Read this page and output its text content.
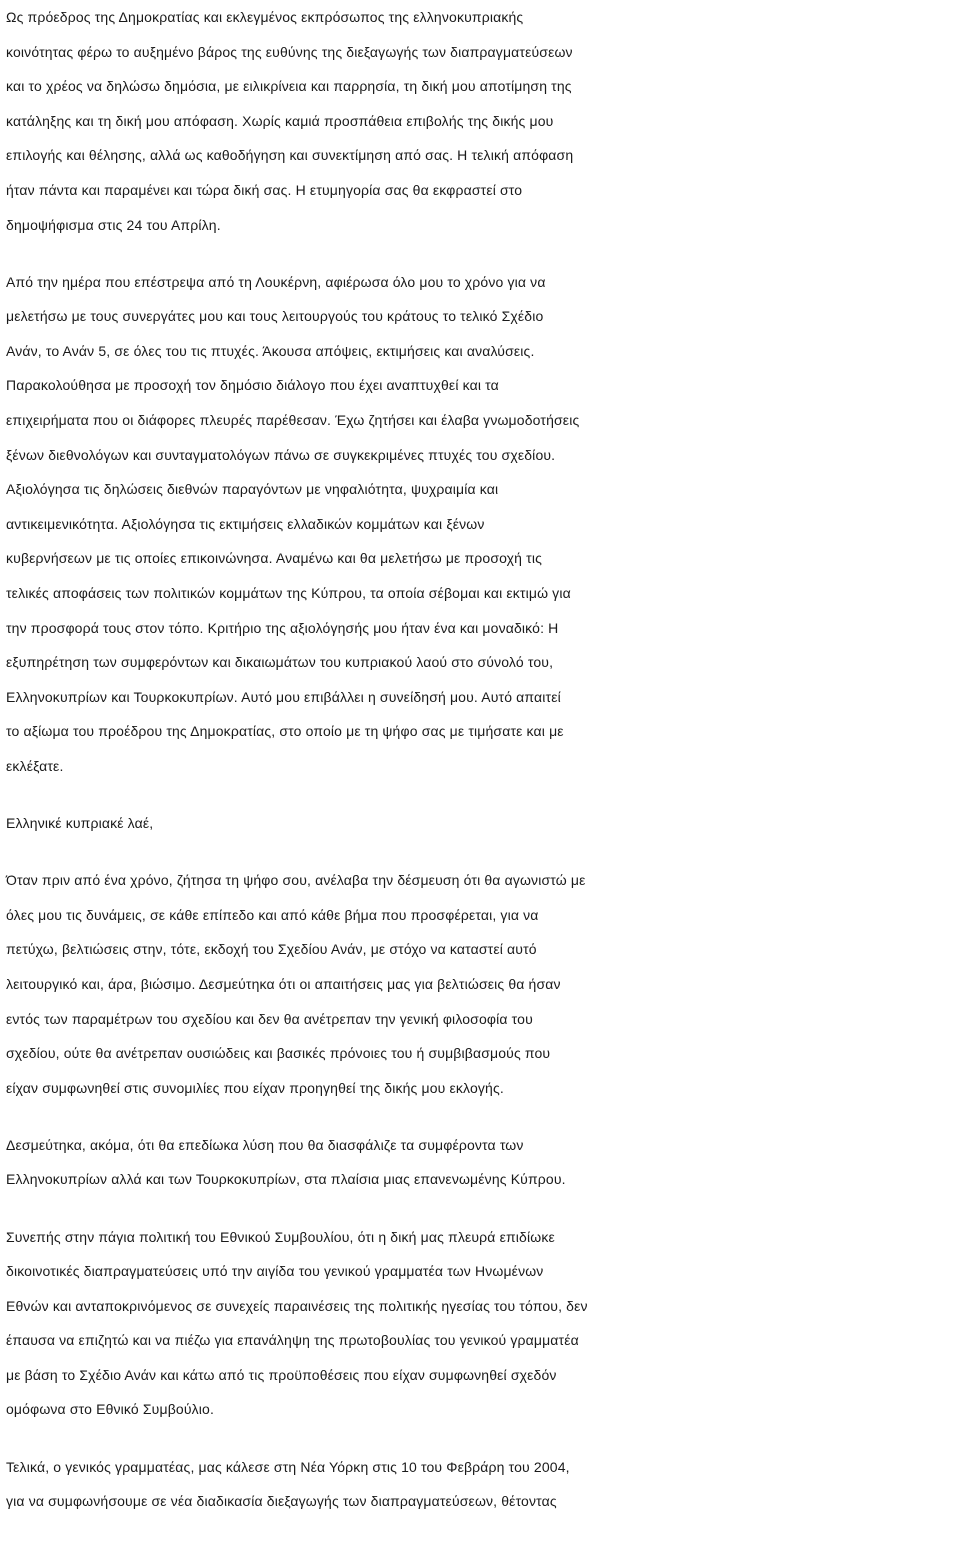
Ως πρόεδρος της Δημοκρατίας και εκλεγμένος εκπρόσωπος της ελληνοκυπριακής
κοινότητας φέρω το αυξημένο βάρος της ευθύνης της διεξαγωγής των διαπραγματεύσεων
και το χρέος να δηλώσω δημόσια, με ειλικρίνεια και παρρησία, τη δική μου αποτίμηση της
κατάληξης και τη δική μου απόφαση. Χωρίς καμιά προσπάθεια επιβολής της δικής μου
επιλογής και θέλησης, αλλά ως καθοδήγηση και συνεκτίμηση από σας. Η τελική απόφαση
ήταν πάντα και παραμένει και τώρα δική σας. Η ετυμηγορία σας θα εκφραστεί στο
δημοψήφισμα στις 24 του Απρίλη.
Από την ημέρα που επέστρεψα από τη Λουκέρνη, αφιέρωσα όλο μου το χρόνο για να
μελετήσω με τους συνεργάτες μου και τους λειτουργούς του κράτους το τελικό Σχέδιο
Ανάν, το Ανάν 5, σε όλες του τις πτυχές. Άκουσα απόψεις, εκτιμήσεις και αναλύσεις.
Παρακολούθησα με προσοχή τον δημόσιο διάλογο που έχει αναπτυχθεί και τα
επιχειρήματα που οι διάφορες πλευρές παρέθεσαν. Έχω ζητήσει και έλαβα γνωμοδοτήσεις
ξένων διεθνολόγων και συνταγματολόγων πάνω σε συγκεκριμένες πτυχές του σχεδίου.
Αξιολόγησα τις δηλώσεις διεθνών παραγόντων με νηφαλιότητα, ψυχραιμία και
αντικειμενικότητα. Αξιολόγησα τις εκτιμήσεις ελλαδικών κομμάτων και ξένων
κυβερνήσεων με τις οποίες επικοινώνησα. Αναμένω και θα μελετήσω με προσοχή τις
τελικές αποφάσεις των πολιτικών κομμάτων της Κύπρου, τα οποία σέβομαι και εκτιμώ για
την προσφορά τους στον τόπο. Κριτήριο της αξιολόγησής μου ήταν ένα και μοναδικό: Η
εξυπηρέτηση των συμφερόντων και δικαιωμάτων του κυπριακού λαού στο σύνολό του,
Ελληνοκυπρίων και Τουρκοκυπρίων. Αυτό μου επιβάλλει η συνείδησή μου. Αυτό απαιτεί
το αξίωμα του προέδρου της Δημοκρατίας, στο οποίο με τη ψήφο σας με τιμήσατε και με
εκλέξατε.
Ελληνικέ κυπριακέ λαέ,
Όταν πριν από ένα χρόνο, ζήτησα τη ψήφο σου, ανέλαβα την δέσμευση ότι θα αγωνιστώ με
όλες μου τις δυνάμεις, σε κάθε επίπεδο και από κάθε βήμα που προσφέρεται, για να
πετύχω, βελτιώσεις στην, τότε, εκδοχή του Σχεδίου Ανάν, με στόχο να καταστεί αυτό
λειτουργικό και, άρα, βιώσιμο. Δεσμεύτηκα ότι οι απαιτήσεις μας για βελτιώσεις θα ήσαν
εντός των παραμέτρων του σχεδίου και δεν θα ανέτρεπαν την γενική φιλοσοφία του
σχεδίου, ούτε θα ανέτρεπαν ουσιώδεις και βασικές πρόνοιες του ή συμβιβασμούς που
είχαν συμφωνηθεί στις συνομιλίες που είχαν προηγηθεί της δικής μου εκλογής.
Δεσμεύτηκα, ακόμα, ότι θα επεδίωκα λύση που θα διασφάλιζε τα συμφέροντα των
Ελληνοκυπρίων αλλά και των Τουρκοκυπρίων, στα πλαίσια μιας επανενωμένης Κύπρου.
Συνεπής στην πάγια πολιτική του Εθνικού Συμβουλίου, ότι η δική μας πλευρά επιδίωκε
δικοινοτικές διαπραγματεύσεις υπό την αιγίδα του γενικού γραμματέα των Ηνωμένων
Εθνών και ανταποκρινόμενος σε συνεχείς παραινέσεις της πολιτικής ηγεσίας του τόπου, δεν
έπαυσα να επιζητώ και να πιέζω για επανάληψη της πρωτοβουλίας του γενικού γραμματέα
με βάση το Σχέδιο Ανάν και κάτω από τις προϋποθέσεις που είχαν συμφωνηθεί σχεδόν
ομόφωνα στο Εθνικό Συμβούλιο.
Τελικά, ο γενικός γραμματέας, μας κάλεσε στη Νέα Υόρκη στις 10 του Φεβράρη του 2004,
για να συμφωνήσουμε σε νέα διαδικασία διεξαγωγής των διαπραγματεύσεων, θέτοντας
